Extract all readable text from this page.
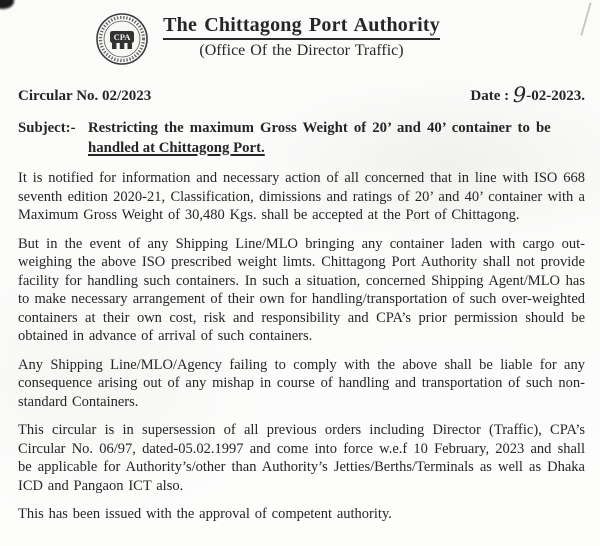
CPA
The Chittagong Port Authority
(Office Of the Director Traffic)
Circular No. 02/2023	Date : 9-02-2023.
Subject:- Restricting the maximum Gross Weight of 20’ and 40’ container to be
handled at Chittagong Port.

It is notified for information and necessary action of all concerned that in line with ISO 668 seventh edition 2020-21, Classification, dimissions and ratings of 20’ and 40’ container with a Maximum Gross Weight of 30,480 Kgs. shall be accepted at the Port of Chittagong.

But in the event of any Shipping Line/MLO bringing any container laden with cargo out-weighing the above ISO prescribed weight limts. Chittagong Port Authority shall not provide facility for handling such containers. In such a situation, concerned Shipping Agent/MLO has to make necessary arrangement of their own for handling/transportation of such over-weighted containers at their own cost, risk and responsibility and CPA’s prior permission should be obtained in advance of arrival of such containers.

Any Shipping Line/MLO/Agency failing to comply with the above shall be liable for any consequence arising out of any mishap in course of handling and transportation of such non-standard Containers.

This circular is in supersession of all previous orders including Director (Traffic), CPA’s Circular No. 06/97, dated-05.02.1997 and come into force w.e.f 10 February, 2023 and shall be applicable for Authority’s/other than Authority’s Jetties/Berths/Terminals as well as Dhaka ICD and Pangaon ICT also.

This has been issued with the approval of competent authority.
